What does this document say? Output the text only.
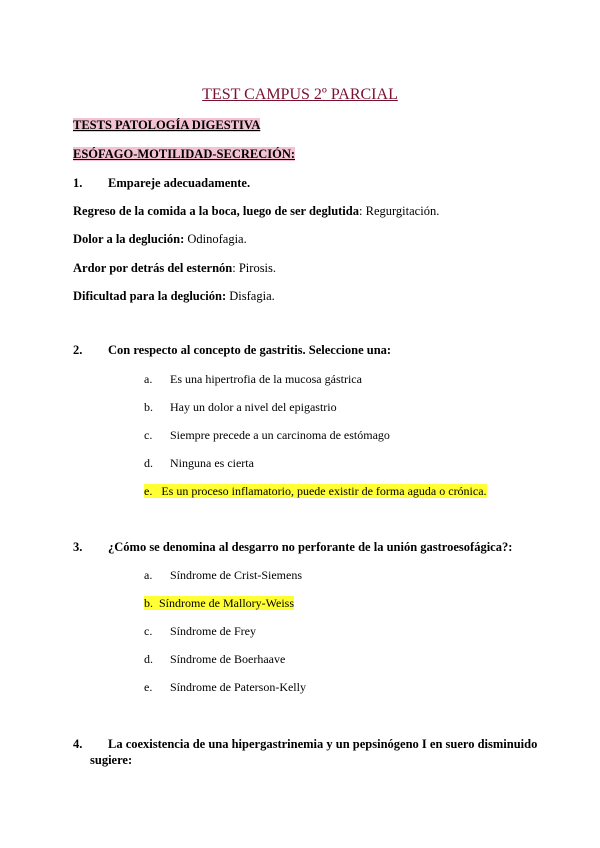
TEST CAMPUS 2º PARCIAL
TESTS PATOLOGÍA DIGESTIVA
ESÓFAGO-MOTILIDAD-SECRECIÓN:
1. Empareje adecuadamente.
Regreso de la comida a la boca, luego de ser deglutida: Regurgitación.
Dolor a la deglución: Odinofagia.
Ardor por detrás del esternón: Pirosis.
Dificultad para la deglución: Disfagia.
2. Con respecto al concepto de gastritis. Seleccione una:
a. Es una hipertrofia de la mucosa gástrica
b. Hay un dolor a nivel del epigastrio
c. Siempre precede a un carcinoma de estómago
d. Ninguna es cierta
e. Es un proceso inflamatorio, puede existir de forma aguda o crónica.
3. ¿Cómo se denomina al desgarro no perforante de la unión gastroesofágica?:
a. Síndrome de Crist-Siemens
b. Síndrome de Mallory-Weiss
c. Síndrome de Frey
d. Síndrome de Boerhaave
e. Síndrome de Paterson-Kelly
4. La coexistencia de una hipergastrinemia y un pepsinógeno I en suero disminuido
sugiere:
